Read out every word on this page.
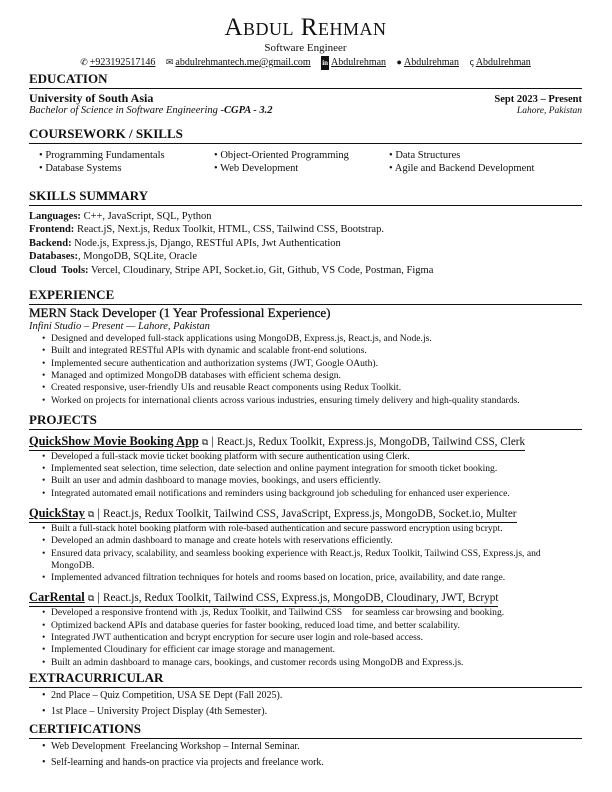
Abdul Rehman
Software Engineer
✆ +923192517146 ✉ abdulrehmantech.me@gmail.com in Abdulrehman ● Abdulrehman ꞔ Abdulrehman
EDUCATION
University of South Asia	Sept 2023 – Present
Bachelor of Science in Software Engineering -CGPA - 3.2	Lahore, Pakistan
COURSEWORK / SKILLS
• Programming Fundamentals	• Object-Oriented Programming	• Data Structures
• Database Systems	• Web Development	• Agile and Backend Development
SKILLS SUMMARY
Languages: C++, JavaScript, SQL, Python
Frontend: React.jS, Next.js, Redux Toolkit, HTML, CSS, Tailwind CSS, Bootstrap.
Backend: Node.js, Express.js, Django, RESTful APIs, Jwt Authentication
Databases:, MongoDB, SQLite, Oracle
Cloud  Tools: Vercel, Cloudinary, Stripe API, Socket.io, Git, Github, VS Code, Postman, Figma
EXPERIENCE
MERN Stack Developer (1 Year Professional Experience)
Infini Studio – Present — Lahore, Pakistan
• Designed and developed full-stack applications using MongoDB, Express.js, React.js, and Node.js.
• Built and integrated RESTful APIs with dynamic and scalable front-end solutions.
• Implemented secure authentication and authorization systems (JWT, Google OAuth).
• Managed and optimized MongoDB databases with efficient schema design.
• Created responsive, user-friendly UIs and reusable React components using Redux Toolkit.
• Worked on projects for international clients across various industries, ensuring timely delivery and high-quality standards.
PROJECTS
QuickShow Movie Booking App ⧉ | React.js, Redux Toolkit, Express.js, MongoDB, Tailwind CSS, Clerk
• Developed a full-stack movie ticket booking platform with secure authentication using Clerk.
• Implemented seat selection, time selection, date selection and online payment integration for smooth ticket booking.
• Built an user and admin dashboard to manage movies, bookings, and users efficiently.
• Integrated automated email notifications and reminders using background job scheduling for enhanced user experience.
QuickStay ⧉ | React.js, Redux Toolkit, Tailwind CSS, JavaScript, Express.js, MongoDB, Socket.io, Multer
• Built a full-stack hotel booking platform with role-based authentication and secure password encryption using bcrypt.
• Developed an admin dashboard to manage and create hotels with reservations efficiently.
• Ensured data privacy, scalability, and seamless booking experience with React.js, Redux Toolkit, Tailwind CSS, Express.js, and MongoDB.
• Implemented advanced filtration techniques for hotels and rooms based on location, price, availability, and date range.
CarRental ⧉ | React.js, Redux Toolkit, Tailwind CSS, Express.js, MongoDB, Cloudinary, JWT, Bcrypt
• Developed a responsive frontend with .js, Redux Toolkit, and Tailwind CSS    for seamless car browsing and booking.
• Optimized backend APIs and database queries for faster booking, reduced load time, and better scalability.
• Integrated JWT authentication and bcrypt encryption for secure user login and role-based access.
• Implemented Cloudinary for efficient car image storage and management.
• Built an admin dashboard to manage cars, bookings, and customer records using MongoDB and Express.js.
EXTRACURRICULAR
• 2nd Place – Quiz Competition, USA SE Dept (Fall 2025).
• 1st Place – University Project Display (4th Semester).
CERTIFICATIONS
• Web Development  Freelancing Workshop – Internal Seminar.
• Self-learning and hands-on practice via projects and freelance work.
